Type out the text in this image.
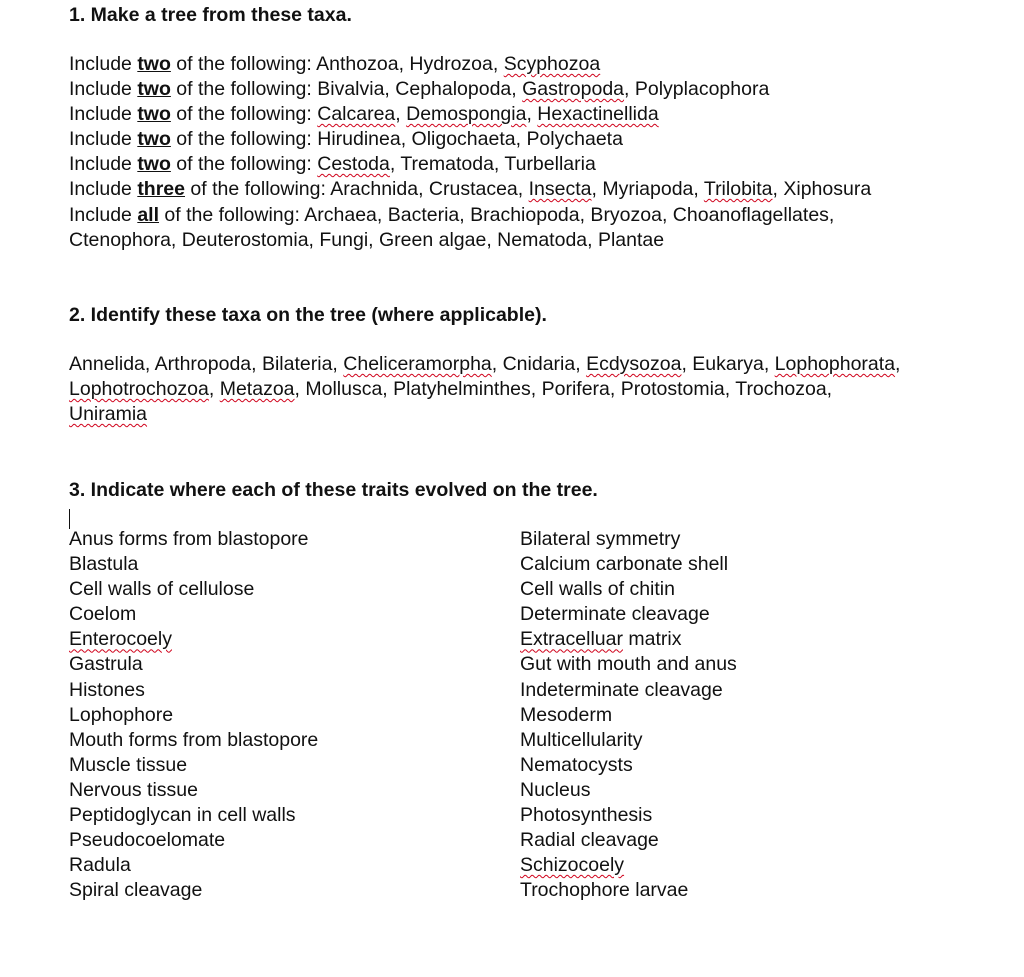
1. Make a tree from these taxa.
Include two of the following: Anthozoa, Hydrozoa, Scyphozoa
Include two of the following: Bivalvia, Cephalopoda, Gastropoda, Polyplacophora
Include two of the following: Calcarea, Demospongia, Hexactinellida
Include two of the following: Hirudinea, Oligochaeta, Polychaeta
Include two of the following: Cestoda, Trematoda, Turbellaria
Include three of the following: Arachnida, Crustacea, Insecta, Myriapoda, Trilobita, Xiphosura
Include all of the following: Archaea, Bacteria, Brachiopoda, Bryozoa, Choanoflagellates,
Ctenophora, Deuterostomia, Fungi, Green algae, Nematoda, Plantae
2. Identify these taxa on the tree (where applicable).
Annelida, Arthropoda, Bilateria, Cheliceramorpha, Cnidaria, Ecdysozoa, Eukarya, Lophophorata,
Lophotrochozoa, Metazoa, Mollusca, Platyhelminthes, Porifera, Protostomia, Trochozoa,
Uniramia
3. Indicate where each of these traits evolved on the tree.
Anus forms from blastopore
Blastula
Cell walls of cellulose
Coelom
Enterocoely
Gastrula
Histones
Lophophore
Mouth forms from blastopore
Muscle tissue
Nervous tissue
Peptidoglycan in cell walls
Pseudocoelomate
Radula
Spiral cleavage
Bilateral symmetry
Calcium carbonate shell
Cell walls of chitin
Determinate cleavage
Extracelluar matrix
Gut with mouth and anus
Indeterminate cleavage
Mesoderm
Multicellularity
Nematocysts
Nucleus
Photosynthesis
Radial cleavage
Schizocoely
Trochophore larvae
